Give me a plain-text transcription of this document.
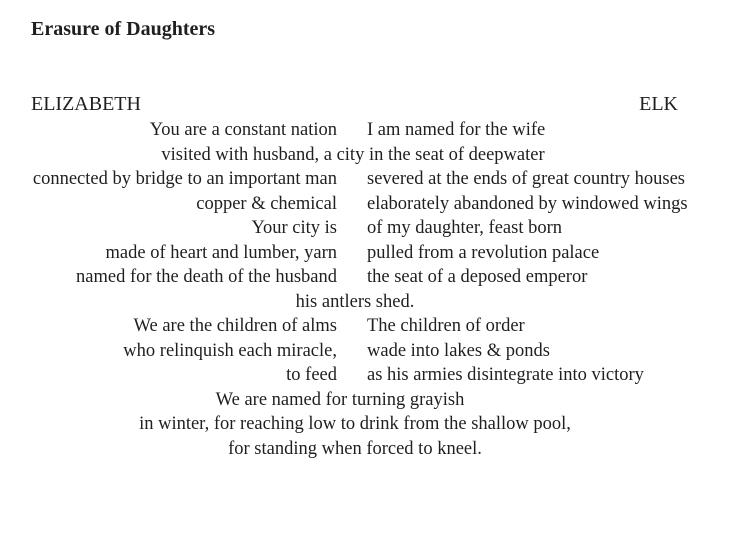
Erasure of Daughters
ELIZABETH	ELK
You are a constant nation I am named for the wife
visited with husband, a city in the seat of deepwater
connected by bridge to an important man severed at the ends of great country houses
copper & chemical elaborately abandoned by windowed wings
Your city is of my daughter, feast born
made of heart and lumber, yarn pulled from a revolution palace
named for the death of the husband the seat of a deposed emperor
his antlers shed.
We are the children of alms The children of order
who relinquish each miracle, wade into lakes & ponds
to feed as his armies disintegrate into victory
We are named for turning grayish
in winter, for reaching low to drink from the shallow pool,
for standing when forced to kneel.
